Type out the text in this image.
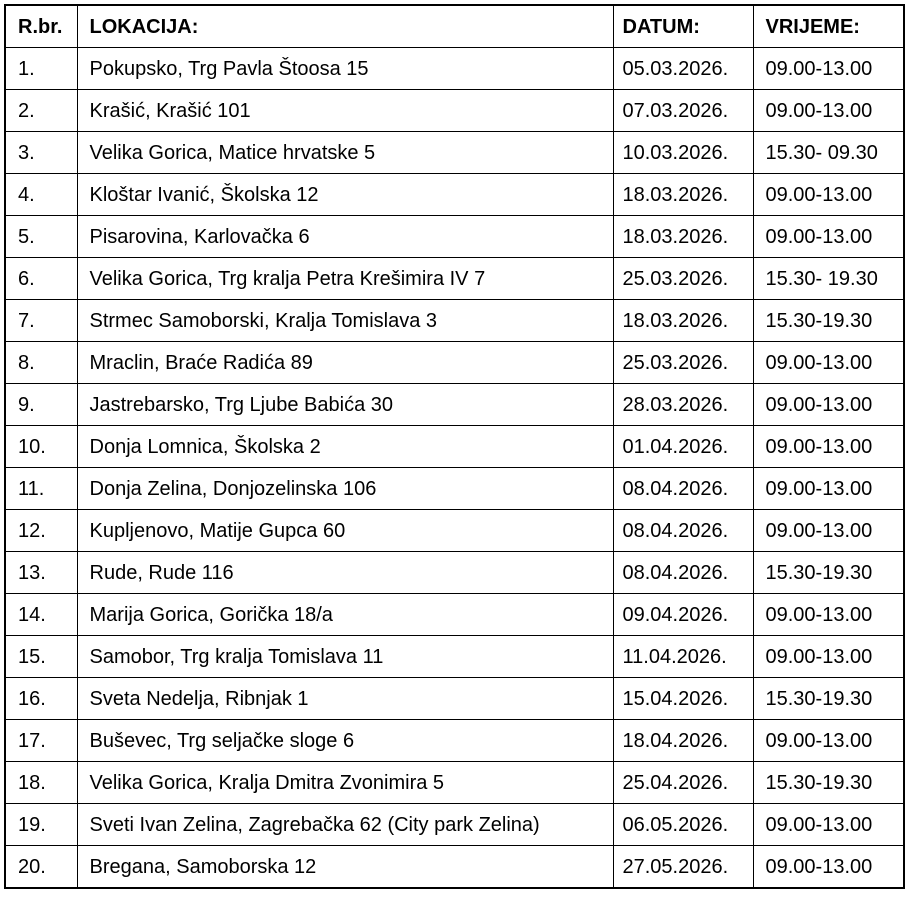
R.br.	LOKACIJA:	DATUM:	VRIJEME:
1.	Pokupsko, Trg Pavla Štoosa 15	05.03.2026.	09.00-13.00
2.	Krašić, Krašić 101	07.03.2026.	09.00-13.00
3.	Velika Gorica, Matice hrvatske 5	10.03.2026.	15.30- 09.30
4.	Kloštar Ivanić, Školska 12	18.03.2026.	09.00-13.00
5.	Pisarovina, Karlovačka 6	18.03.2026.	09.00-13.00
6.	Velika Gorica, Trg kralja Petra Krešimira IV 7	25.03.2026.	15.30- 19.30
7.	Strmec Samoborski, Kralja Tomislava 3	18.03.2026.	15.30-19.30
8.	Mraclin, Braće Radića 89	25.03.2026.	09.00-13.00
9.	Jastrebarsko, Trg Ljube Babića 30	28.03.2026.	09.00-13.00
10.	Donja Lomnica, Školska 2	01.04.2026.	09.00-13.00
11.	Donja Zelina, Donjozelinska 106	08.04.2026.	09.00-13.00
12.	Kupljenovo, Matije Gupca 60	08.04.2026.	09.00-13.00
13.	Rude, Rude 116	08.04.2026.	15.30-19.30
14.	Marija Gorica, Gorička 18/a	09.04.2026.	09.00-13.00
15.	Samobor, Trg kralja Tomislava 11	11.04.2026.	09.00-13.00
16.	Sveta Nedelja, Ribnjak 1	15.04.2026.	15.30-19.30
17.	Buševec, Trg seljačke sloge 6	18.04.2026.	09.00-13.00
18.	Velika Gorica, Kralja Dmitra Zvonimira 5	25.04.2026.	15.30-19.30
19.	Sveti Ivan Zelina, Zagrebačka 62 (City park Zelina)	06.05.2026.	09.00-13.00
20.	Bregana, Samoborska 12	27.05.2026.	09.00-13.00
